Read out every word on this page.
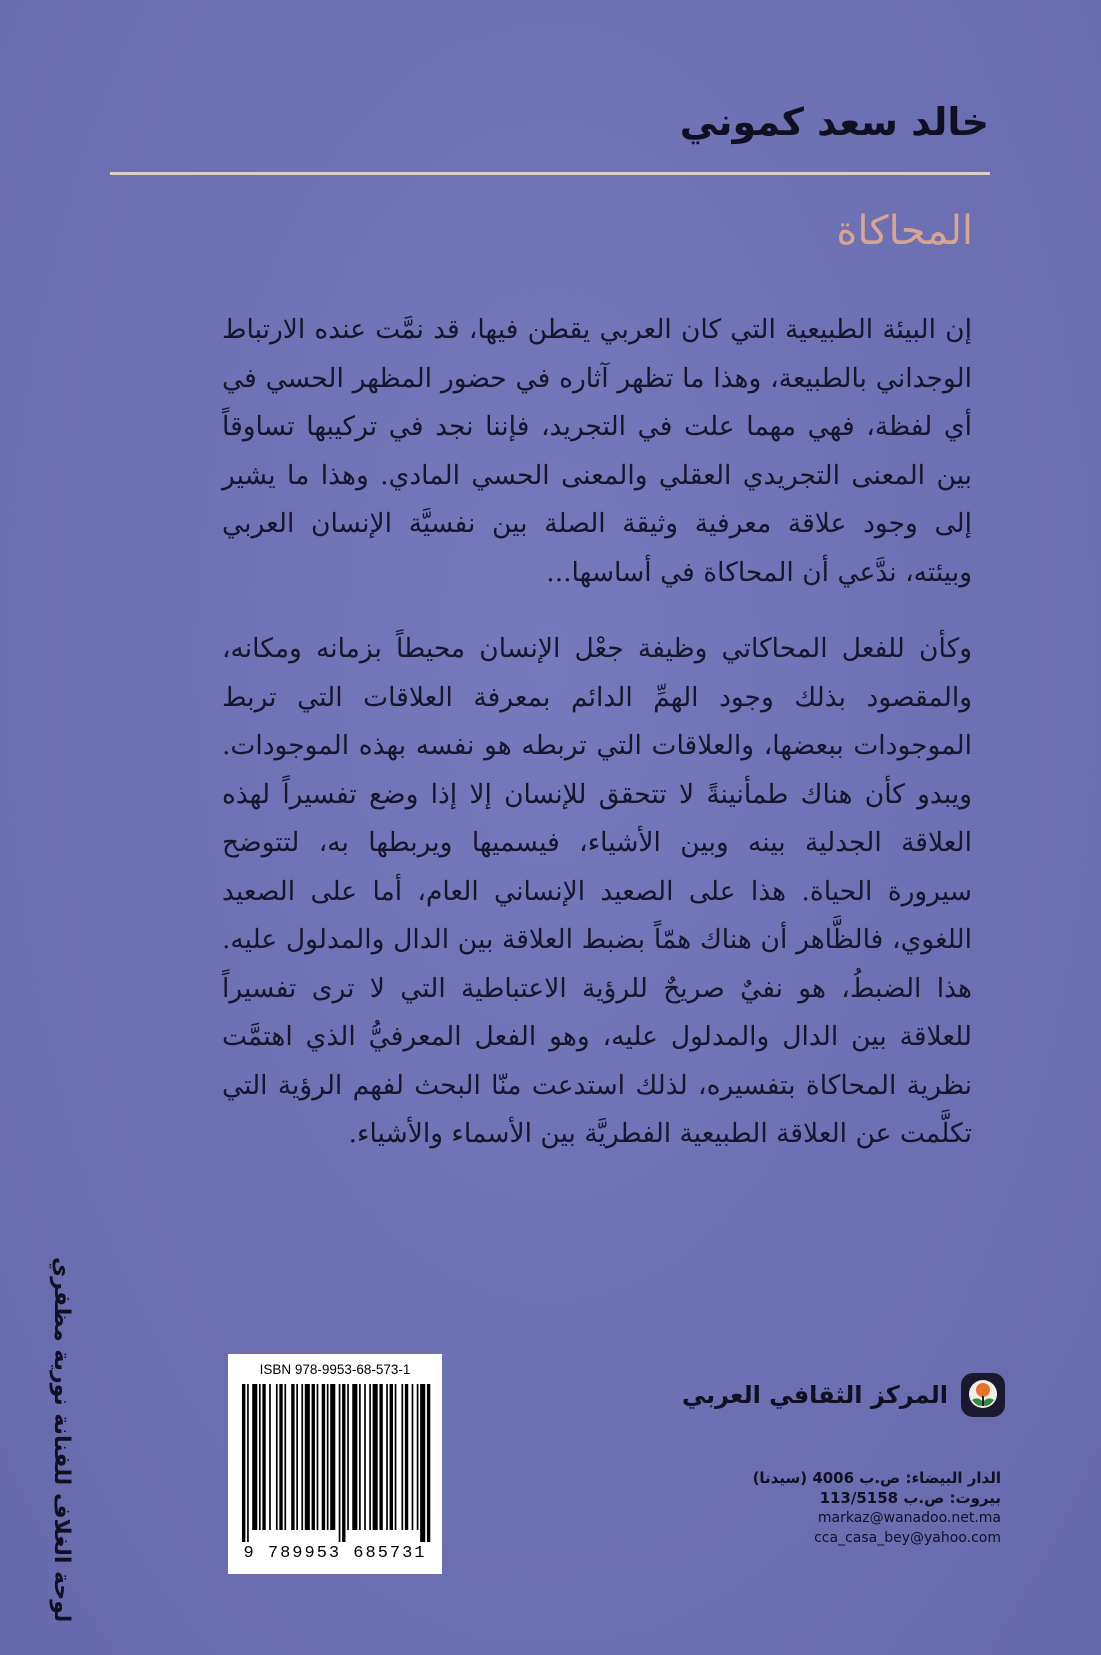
خالد سعد كموني
المحاكاة

إن البيئة الطبيعية التي كان العربي يقطن فيها، قد نمَّت عنده الارتباط الوجداني بالطبيعة، وهذا ما تظهر آثاره في حضور المظهر الحسي في أي لفظة، فهي مهما علت في التجريد، فإننا نجد في تركيبها تساوقاً بين المعنى التجريدي العقلي والمعنى الحسي المادي. وهذا ما يشير إلى وجود علاقة معرفية وثيقة الصلة بين نفسيَّة الإنسان العربي وبيئته، ندَّعي أن المحاكاة في أساسها...

وكأن للفعل المحاكاتي وظيفة جعْل الإنسان محيطاً بزمانه ومكانه، والمقصود بذلك وجود الهمِّ الدائم بمعرفة العلاقات التي تربط الموجودات ببعضها، والعلاقات التي تربطه هو نفسه بهذه الموجودات. ويبدو كأن هناك طمأنينةً لا تتحقق للإنسان إلا إذا وضع تفسيراً لهذه العلاقة الجدلية بينه وبين الأشياء، فيسميها ويربطها به، لتتوضح سيرورة الحياة. هذا على الصعيد الإنساني العام، أما على الصعيد اللغوي، فالظَّاهر أن هناك همّاً بضبط العلاقة بين الدال والمدلول عليه. هذا الضبطُ، هو نفيٌ صريحٌ للرؤية الاعتباطية التي لا ترى تفسيراً للعلاقة بين الدال والمدلول عليه، وهو الفعل المعرفيُّ الذي اهتمَّت نظرية المحاكاة بتفسيره، لذلك استدعت منّا البحث لفهم الرؤية التي تكلَّمت عن العلاقة الطبيعية الفطريَّة بين الأسماء والأشياء.

لوحة الغلاف للفنانة نورية مظفري	ISBN 978-9953-68-573-1
9 789953 685731
المركز الثقافي العربي
الدار البيضاء: ص.ب 4006 (سيدنا)
بيروت: ص.ب 113/5158
markaz@wanadoo.net.ma
cca_casa_bey@yahoo.com
